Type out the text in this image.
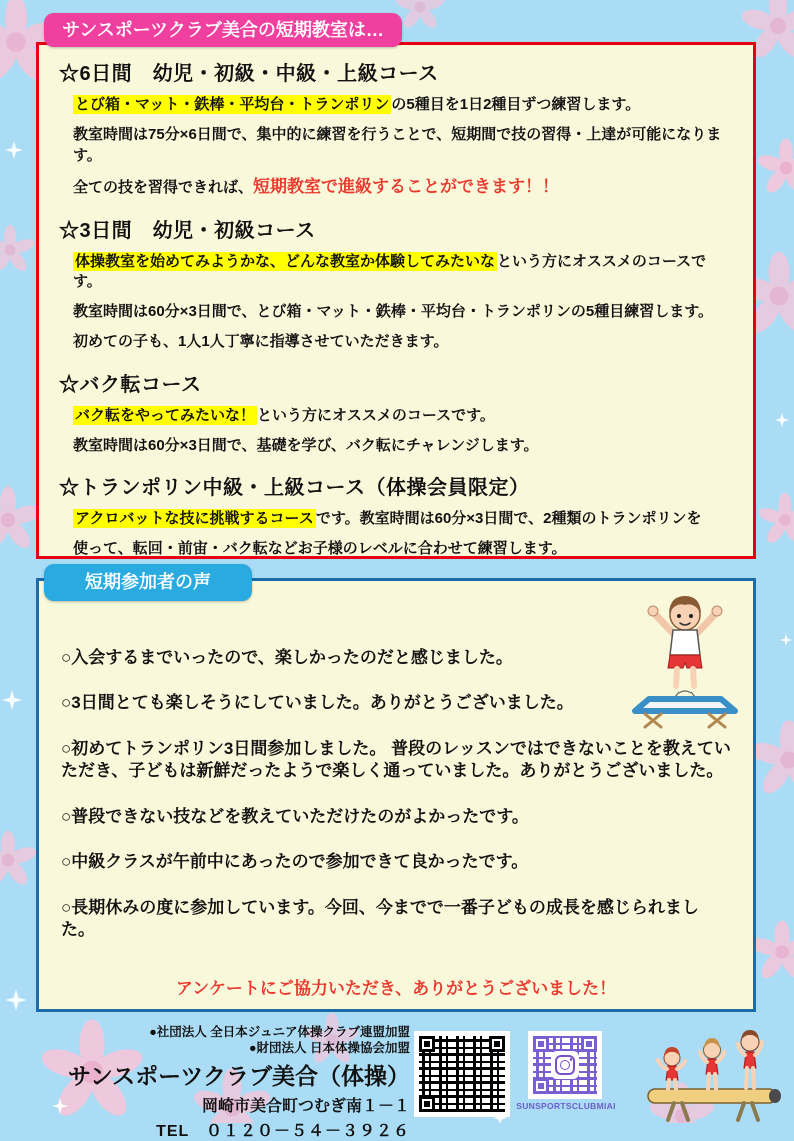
サンスポーツクラブ美合の短期教室は…
☆6日間　幼児・初級・中級・上級コース

とび箱・マット・鉄棒・平均台・トランポリン の5種目を1日2種目ずつ練習します。

教室時間は75分×6日間で、集中的に練習を行うことで、短期間で技の習得・上達が可能になります。

全ての技を習得できれば、短期教室で進級することができます！！

☆3日間　幼児・初級コース

体操教室を始めてみようかな、どんな教室か体験してみたいな という方にオススメのコースです。

教室時間は60分×3日間で、とび箱・マット・鉄棒・平均台・トランポリンの5種目練習します。

初めての子も、1人1人丁寧に指導させていただきます。

☆バク転コース

バク転をやってみたいな！ という方にオススメのコースです。

教室時間は60分×3日間で、基礎を学び、バク転にチャレンジします。

☆トランポリン中級・上級コース（体操会員限定）

アクロバットな技に挑戦するコース です。教室時間は60分×3日間で、2種類のトランポリンを

使って、転回・前宙・バク転などお子様のレベルに合わせて練習します。

短期参加者の声

○入会するまでいったので、楽しかったのだと感じました。

○3日間とても楽しそうにしていました。ありがとうございました。

○初めてトランポリン3日間参加しました。 普段のレッスンではできないことを教えていただき、子どもは新鮮だったようで楽しく通っていました。ありがとうございました。

○普段できない技などを教えていただけたのがよかったです。

○中級クラスが午前中にあったので参加できて良かったです。

○長期休みの度に参加しています。今回、今までで一番子どもの成長を感じられました。

アンケートにご協力いただき、ありがとうございました！

●社団法人 全日本ジュニア体操クラブ連盟加盟

●財団法人 日本体操協会加盟

サンスポーツクラブ美合（体操）

岡崎市美合町つむぎ南１－１

TEL　０１２０－５４－３９２６

SUNSPORTSCLUBMIAI
